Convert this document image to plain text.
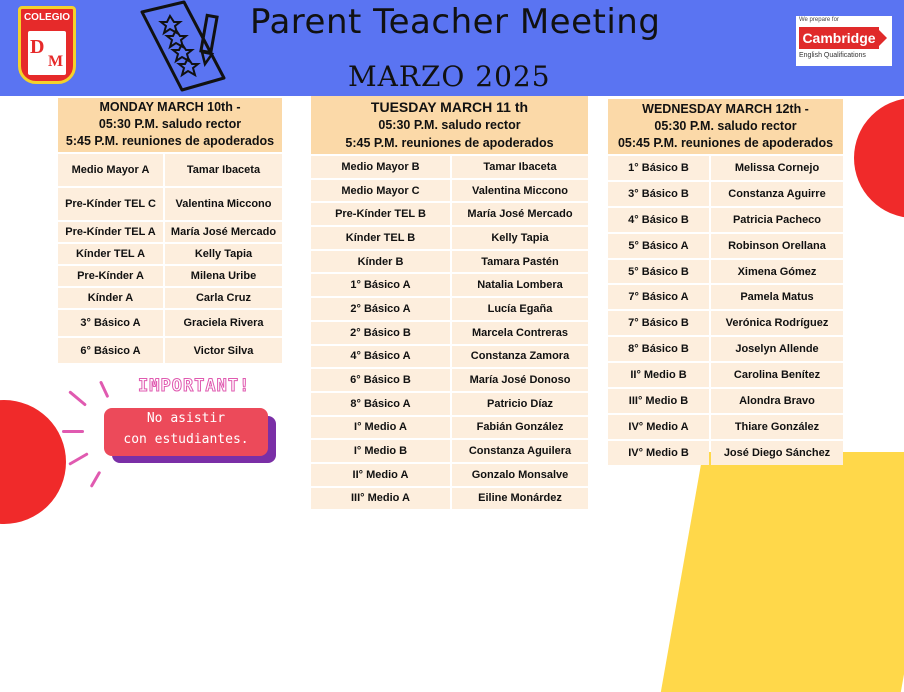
COLEGIO
D
M
Parent Teacher Meeting
MARZO 2025
We prepare for
Cambridge
English Qualifications
MONDAY MARCH 10th -
05:30 P.M. saludo rector
5:45 P.M. reuniones de apoderados
Medio Mayor A	Tamar Ibaceta
Pre-Kínder TEL C	Valentina Miccono
Pre-Kínder TEL A	María José Mercado
Kínder TEL A	Kelly Tapia
Pre-Kínder A	Milena Uribe
Kínder A	Carla Cruz
3° Básico A	Graciela Rivera
6° Básico A	Victor Silva
TUESDAY MARCH 11 th
05:30 P.M. saludo rector
5:45 P.M. reuniones de apoderados
Medio Mayor B	Tamar Ibaceta
Medio Mayor C	Valentina Miccono
Pre-Kínder TEL B	María José Mercado
Kínder TEL B	Kelly Tapia
Kínder B	Tamara Pastén
1° Básico A	Natalia Lombera
2° Básico A	Lucía Egaña
2° Básico B	Marcela Contreras
4° Básico A	Constanza Zamora
6° Básico B	María José Donoso
8° Básico A	Patricio Díaz
I° Medio A	Fabián González
I° Medio B	Constanza Aguilera
II° Medio A	Gonzalo Monsalve
III° Medio A	Eiline Monárdez
WEDNESDAY MARCH 12th -
05:30 P.M. saludo rector
05:45 P.M. reuniones de apoderados
1° Básico B	Melissa Cornejo
3° Básico B	Constanza Aguirre
4° Básico B	Patricia Pacheco
5° Básico A	Robinson Orellana
5° Básico B	Ximena Gómez
7° Básico A	Pamela Matus
7° Básico B	Verónica Rodríguez
8° Básico B	Joselyn Allende
II° Medio B	Carolina Benítez
III° Medio B	Alondra Bravo
IV° Medio A	Thiare González
IV° Medio B	José Diego Sánchez
IMPORTANT!
No asistir
con estudiantes.
